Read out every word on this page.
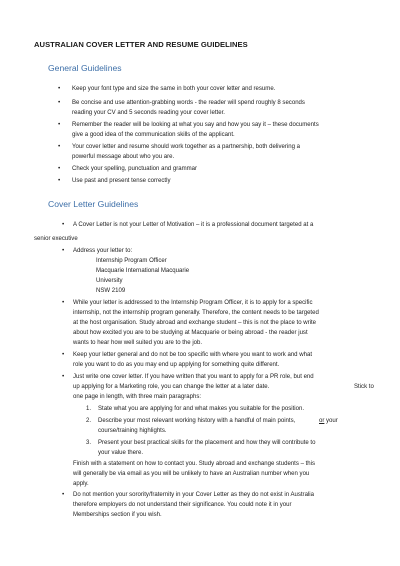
AUSTRALIAN COVER LETTER AND RESUME GUIDELINES
General Guidelines
• Keep your font type and size the same in both your cover letter and resume.
• Be concise and use attention-grabbing words - the reader will spend roughly 8 seconds
reading your CV and 5 seconds reading your cover letter.
• Remember the reader will be looking at what you say and how you say it – these documents
give a good idea of the communication skills of the applicant.
• Your cover letter and resume should work together as a partnership, both delivering a
powerful message about who you are.
• Check your spelling, punctuation and grammar
• Use past and present tense correctly
Cover Letter Guidelines
• A Cover Letter is not your Letter of Motivation – it is a professional document targeted at a
senior executive
• Address your letter to:
Internship Program Officer
Macquarie International Macquarie
University
NSW 2109
• While your letter is addressed to the Internship Program Officer, it is to apply for a specific
internship, not the internship program generally. Therefore, the content needs to be targeted
at the host organisation. Study abroad and exchange student – this is not the place to write
about how excited you are to be studying at Macquarie or being abroad - the reader just
wants to hear how well suited you are to the job.
• Keep your letter general and do not be too specific with where you want to work and what
role you want to do as you may end up applying for something quite different.
• Just write one cover letter. If you have written that you want to apply for a PR role, but end
up applying for a Marketing role, you can change the letter at a later date.	Stick to
one page in length, with three main paragraphs:
1. State what you are applying for and what makes you suitable for the position.
2. Describe your most relevant working history with a handful of main points,	or your
course/training highlights.
3. Present your best practical skills for the placement and how they will contribute to
your value there.
Finish with a statement on how to contact you. Study abroad and exchange students – this
will generally be via email as you will be unlikely to have an Australian number when you
apply.
• Do not mention your sorority/fraternity in your Cover Letter as they do not exist in Australia
therefore employers do not understand their significance. You could note it in your
Memberships section if you wish.
